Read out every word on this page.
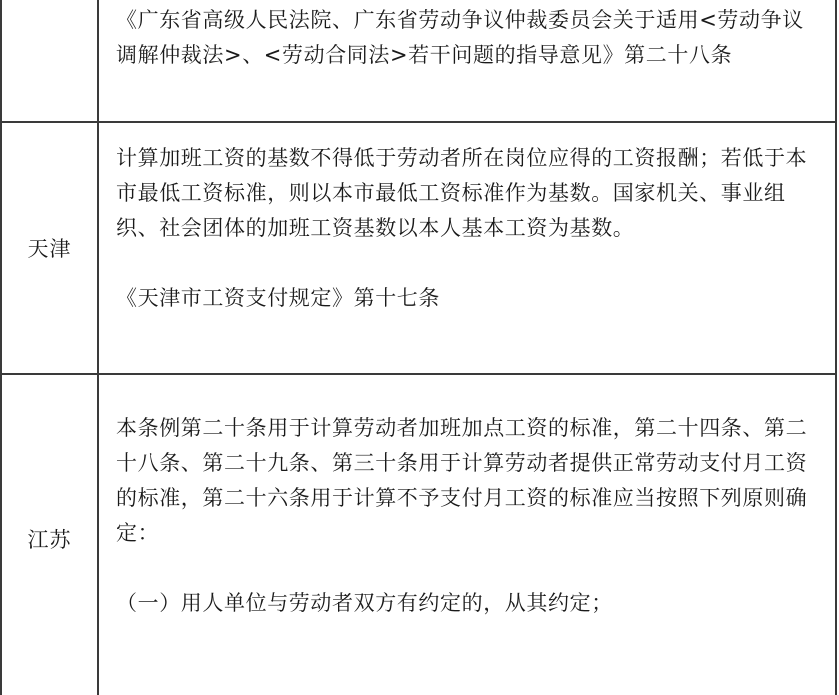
《广东省高级人民法院、广东省劳动争议仲裁委员会关于适用<劳动争议调解仲裁法>、<劳动合同法>若干问题的指导意见》第二十八条

天津

计算加班工资的基数不得低于劳动者所在岗位应得的工资报酬；若低于本市最低工资标准，则以本市最低工资标准作为基数。国家机关、事业组织、社会团体的加班工资基数以本人基本工资为基数。

《天津市工资支付规定》第十七条

江苏

本条例第二十条用于计算劳动者加班加点工资的标准，第二十四条、第二十八条、第二十九条、第三十条用于计算劳动者提供正常劳动支付月工资的标准，第二十六条用于计算不予支付月工资的标准应当按照下列原则确定：

（一）用人单位与劳动者双方有约定的，从其约定；
